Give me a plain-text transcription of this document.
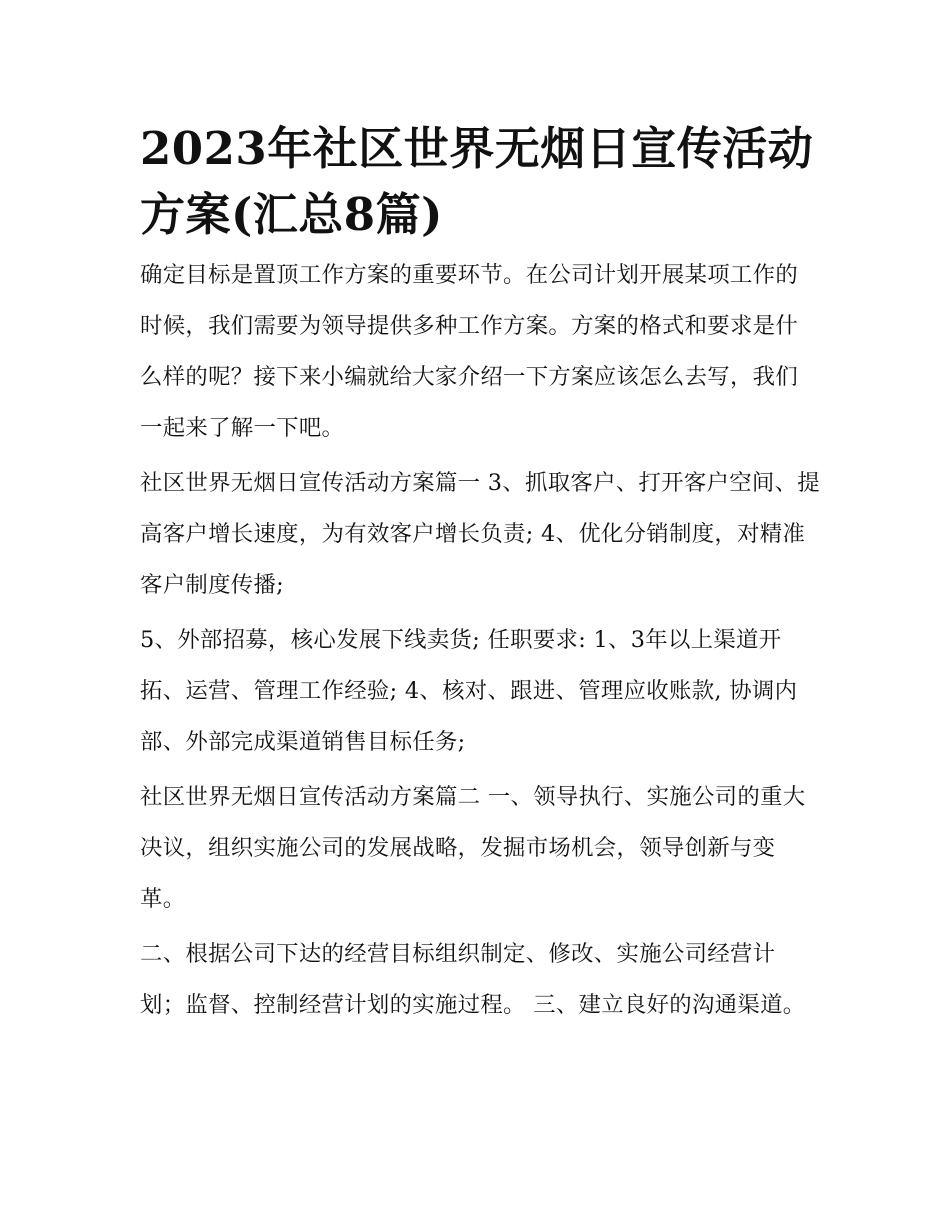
2023年社区世界无烟日宣传活动方案(汇总8篇)

确定目标是置顶工作方案的重要环节。在公司计划开展某项工作的时候，我们需要为领导提供多种工作方案。方案的格式和要求是什么样的呢？接下来小编就给大家介绍一下方案应该怎么去写，我们一起来了解一下吧。

社区世界无烟日宣传活动方案篇一 3、抓取客户、打开客户空间、提高客户增长速度，为有效客户增长负责; 4、优化分销制度，对精准客户制度传播;

5、外部招募，核心发展下线卖货; 任职要求: 1、3年以上渠道开拓、运营、管理工作经验; 4、核对、跟进、管理应收账款, 协调内部、外部完成渠道销售目标任务;

社区世界无烟日宣传活动方案篇二 一、领导执行、实施公司的重大决议，组织实施公司的发展战略，发掘市场机会，领导创新与变革。

二、根据公司下达的经营目标组织制定、修改、实施公司经营计划；监督、控制经营计划的实施过程。 三、建立良好的沟通渠道。
